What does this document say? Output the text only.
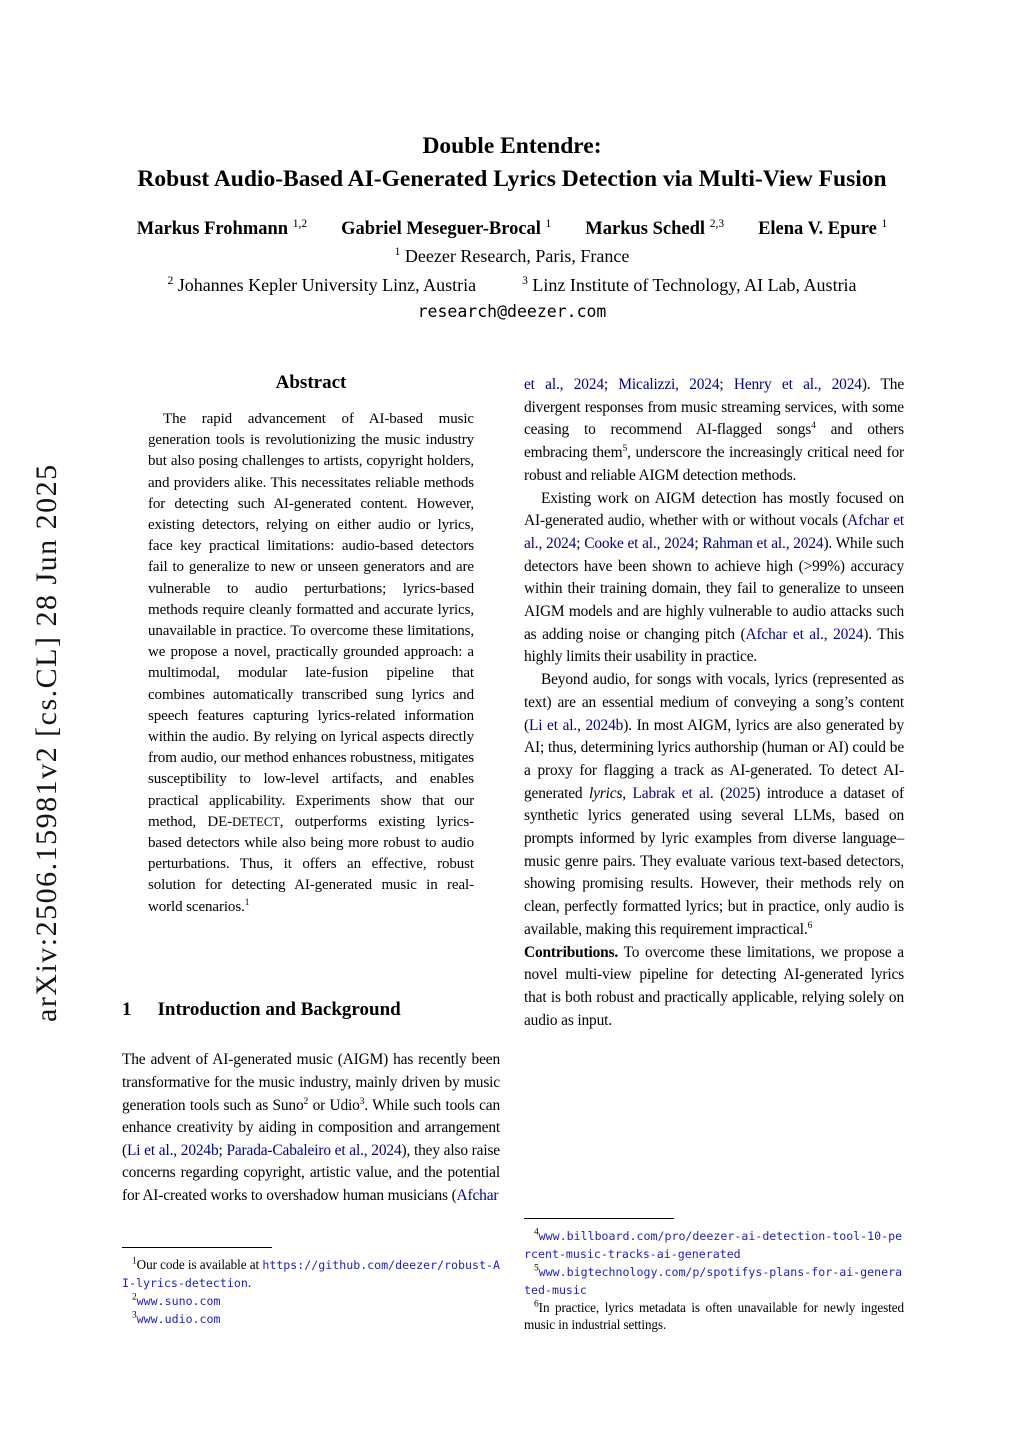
arXiv:2506.15981v2 [cs.CL] 28 Jun 2025
Double Entendre:
Robust Audio-Based AI-Generated Lyrics Detection via Multi-View Fusion
Markus Frohmann $^{1,2}$ Gabriel Meseguer-Brocal $^1$ Markus Schedl $^{2,3}$ Elena V. Epure $^1$
$^1$ Deezer Research, Paris, France
$^2$ Johannes Kepler University Linz, Austria	$^3$ Linz Institute of Technology, AI Lab, Austria
research@deezer.com
Abstract

The rapid advancement of AI-based music generation tools is revolutionizing the music industry but also posing challenges to artists, copyright holders, and providers alike. This necessitates reliable methods for detecting such AI-generated content. However, existing detectors, relying on either audio or lyrics, face key practical limitations: audio-based detectors fail to generalize to new or unseen generators and are vulnerable to audio perturbations; lyrics-based methods require cleanly formatted and accurate lyrics, unavailable in practice. To overcome these limitations, we propose a novel, practically grounded approach: a multimodal, modular late-fusion pipeline that combines automatically transcribed sung lyrics and speech features capturing lyrics-related information within the audio. By relying on lyrical aspects directly from audio, our method enhances robustness, mitigates susceptibility to low-level artifacts, and enables practical applicability. Experiments show that our method, DE-DETECT, outperforms existing lyrics-based detectors while also being more robust to audio perturbations. Thus, it offers an effective, robust solution for detecting AI-generated music in real-world scenarios.$^1$

1 Introduction and Background

The advent of AI-generated music (AIGM) has recently been transformative for the music industry, mainly driven by music generation tools such as Suno$^2$ or Udio$^3$. While such tools can enhance creativity by aiding in composition and arrangement (Li et al., 2024b; Parada-Cabaleiro et al., 2024), they also raise concerns regarding copyright, artistic value, and the potential for AI-created works to overshadow human musicians (Afchar

$^1$Our code is available at https://github.com/deezer/robust-AI-lyrics-detection.

$^2$www.suno.com

$^3$www.udio.com

et al., 2024; Micalizzi, 2024; Henry et al., 2024). The divergent responses from music streaming services, with some ceasing to recommend AI-flagged songs$^4$ and others embracing them$^5$, underscore the increasingly critical need for robust and reliable AIGM detection methods.

Existing work on AIGM detection has mostly focused on AI-generated audio, whether with or without vocals (Afchar et al., 2024; Cooke et al., 2024; Rahman et al., 2024). While such detectors have been shown to achieve high (>99%) accuracy within their training domain, they fail to generalize to unseen AIGM models and are highly vulnerable to audio attacks such as adding noise or changing pitch (Afchar et al., 2024). This highly limits their usability in practice.

Beyond audio, for songs with vocals, lyrics (represented as text) are an essential medium of conveying a song’s content (Li et al., 2024b). In most AIGM, lyrics are also generated by AI; thus, determining lyrics authorship (human or AI) could be a proxy for flagging a track as AI-generated. To detect AI-generated lyrics, Labrak et al. (2025) introduce a dataset of synthetic lyrics generated using several LLMs, based on prompts informed by lyric examples from diverse language–music genre pairs. They evaluate various text-based detectors, showing promising results. However, their methods rely on clean, perfectly formatted lyrics; but in practice, only audio is available, making this requirement impractical.$^6$

Contributions. To overcome these limitations, we propose a novel multi-view pipeline for detecting AI-generated lyrics that is both robust and practically applicable, relying solely on audio as input.

$^4$www.billboard.com/pro/deezer-ai-detection-tool-10-percent-music-tracks-ai-generated

$^5$www.bigtechnology.com/p/spotifys-plans-for-ai-generated-music

$^6$In practice, lyrics metadata is often unavailable for newly ingested music in industrial settings.
